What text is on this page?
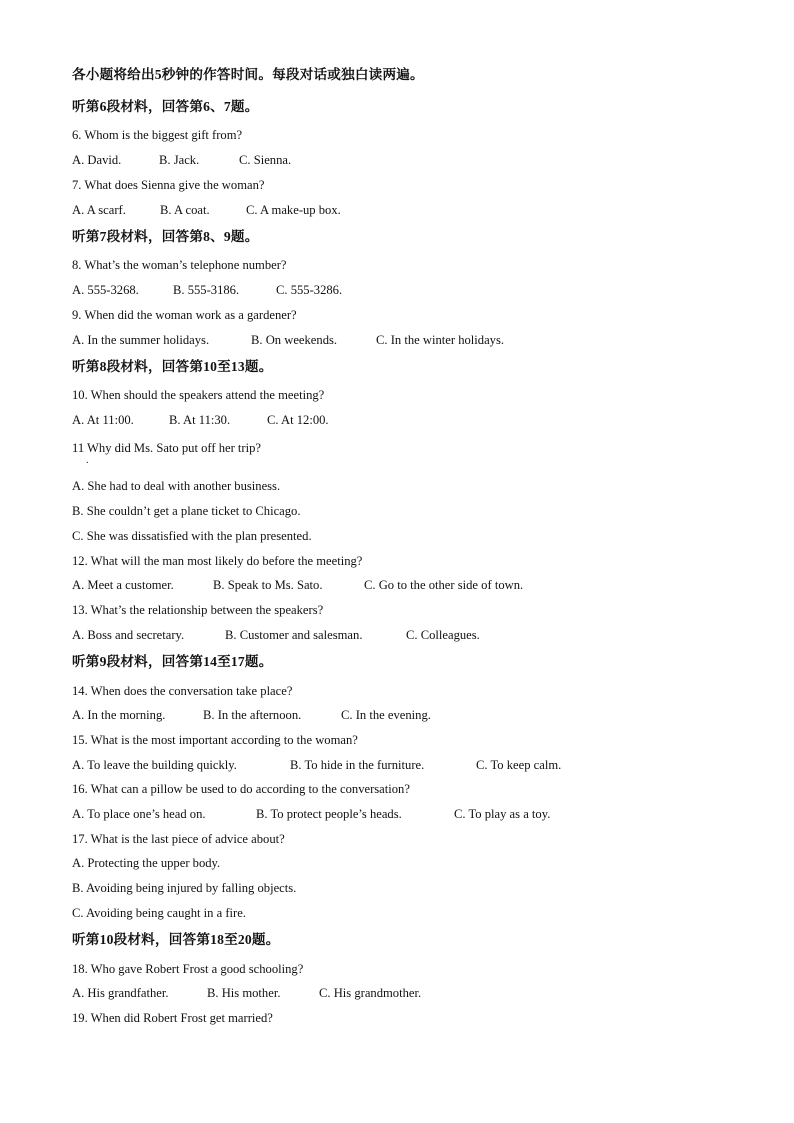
各小题将给出5秒钟的作答时间。每段对话或独白读两遍。
听第6段材料，回答第6、7题。
6. Whom is the biggest gift from?
A. David.	B. Jack.	C. Sienna.
7. What does Sienna give the woman?
A. A scarf.	B. A coat.	C. A make-up box.
听第7段材料，回答第8、9题。
8. What’s the woman’s telephone number?
A. 555-3268.	B. 555-3186.	C. 555-3286.
9. When did the woman work as a gardener?
A. In the summer holidays.	B. On weekends.	C. In the winter holidays.
听第8段材料，回答第10至13题。
10. When should the speakers attend the meeting?
A. At 11:00.	B. At 11:30.	C. At 12:00.
11 Why did Ms. Sato put off her trip?
.
A. She had to deal with another business.
B. She couldn’t get a plane ticket to Chicago.
C. She was dissatisfied with the plan presented.
12. What will the man most likely do before the meeting?
A. Meet a customer.	B. Speak to Ms. Sato.	C. Go to the other side of town.
13. What’s the relationship between the speakers?
A. Boss and secretary.	B. Customer and salesman.	C. Colleagues.
听第9段材料，回答第14至17题。
14. When does the conversation take place?
A. In the morning.	B. In the afternoon.	C. In the evening.
15. What is the most important according to the woman?
A. To leave the building quickly.	B. To hide in the furniture.	C. To keep calm.
16. What can a pillow be used to do according to the conversation?
A. To place one’s head on.	B. To protect people’s heads.	C. To play as a toy.
17. What is the last piece of advice about?
A. Protecting the upper body.
B. Avoiding being injured by falling objects.
C. Avoiding being caught in a fire.
听第10段材料，回答第18至20题。
18. Who gave Robert Frost a good schooling?
A. His grandfather.	B. His mother.	C. His grandmother.
19. When did Robert Frost get married?
